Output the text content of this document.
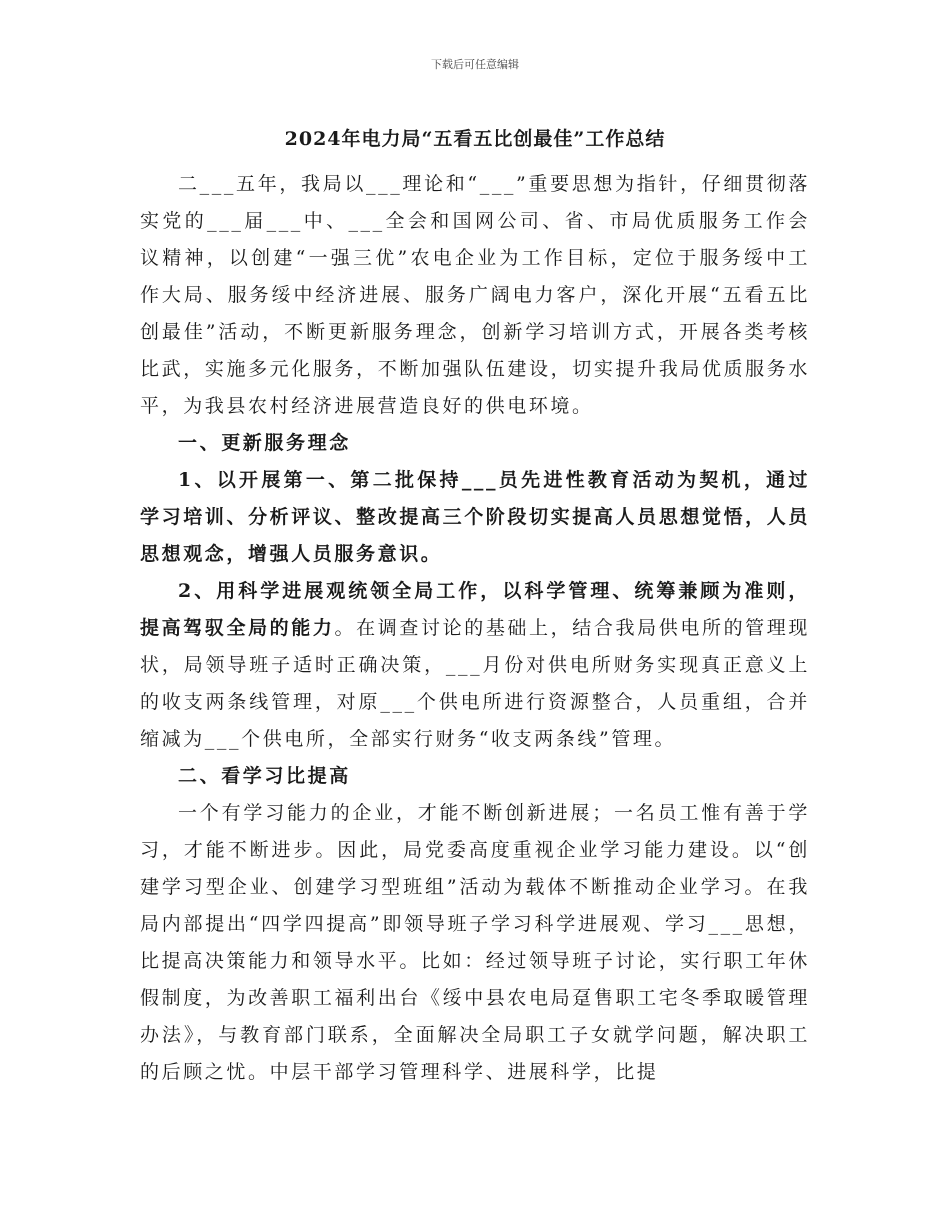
下载后可任意编辑
2024年电力局“五看五比创最佳”工作总结

二___五年，我局以___理论和“___”重要思想为指针，仔细贯彻落实党的___届___中、___全会和国网公司、省、市局优质服务工作会议精神，以创建“一强三优”农电企业为工作目标，定位于服务绥中工作大局、服务绥中经济进展、服务广阔电力客户，深化开展“五看五比创最佳”活动，不断更新服务理念，创新学习培训方式，开展各类考核比武，实施多元化服务，不断加强队伍建设，切实提升我局优质服务水平，为我县农村经济进展营造良好的供电环境。

一、更新服务理念

1、以开展第一、第二批保持___员先进性教育活动为契机，通过学习培训、分析评议、整改提高三个阶段切实提高人员思想觉悟，人员思想观念，增强人员服务意识。

2、用科学进展观统领全局工作，以科学管理、统筹兼顾为准则，提高驾驭全局的能力。在调查讨论的基础上，结合我局供电所的管理现状，局领导班子适时正确决策，___月份对供电所财务实现真正意义上的收支两条线管理，对原___个供电所进行资源整合，人员重组，合并缩减为___个供电所，全部实行财务“收支两条线”管理。

二、看学习比提高

一个有学习能力的企业，才能不断创新进展；一名员工惟有善于学习，才能不断进步。因此，局党委高度重视企业学习能力建设。以“创建学习型企业、创建学习型班组”活动为载体不断推动企业学习。在我局内部提出“四学四提高”即领导班子学习科学进展观、学习___思想，比提高决策能力和领导水平。比如：经过领导班子讨论，实行职工年休假制度，为改善职工福利出台《绥中县农电局趸售职工宅冬季取暖管理办法》，与教育部门联系，全面解决全局职工子女就学问题，解决职工的后顾之忧。中层干部学习管理科学、进展科学，比提
